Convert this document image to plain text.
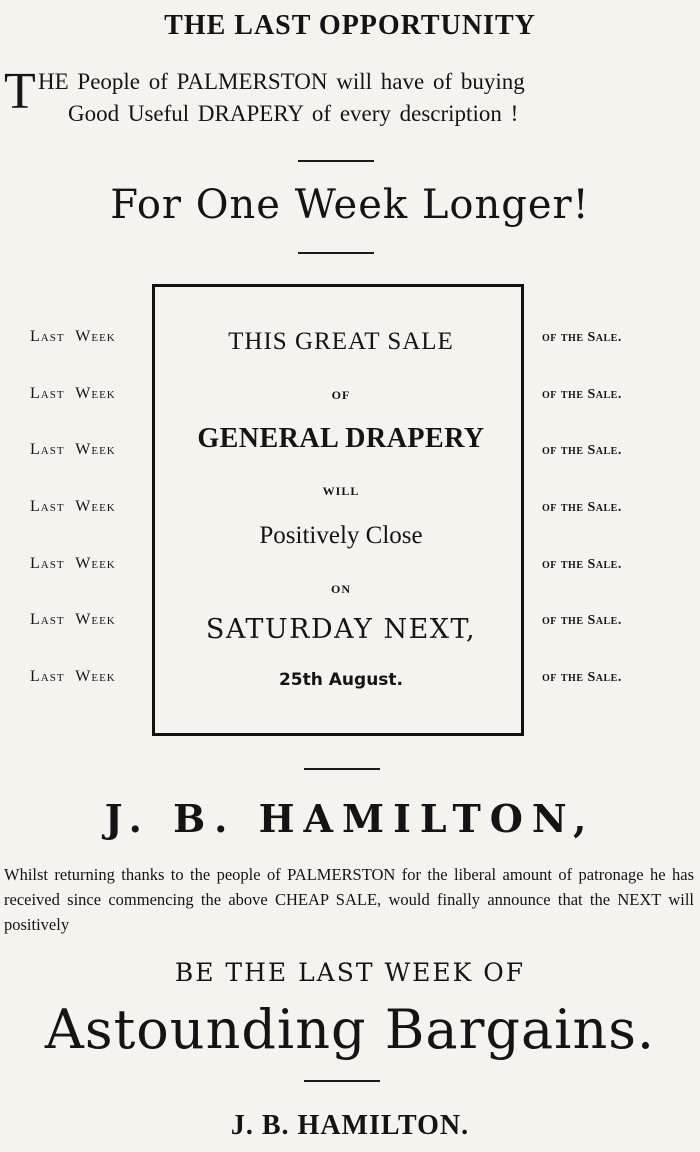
THE LAST OPPORTUNITY
T HE People of PALMERSTON will have of buying
Good Useful DRAPERY of every description !
For One Week Longer!
THIS GREAT SALE
OF
GENERAL DRAPERY
WILL
Positively Close
ON
SATURDAY NEXT,
25th August.
Last Week
Last Week
Last Week
Last Week
Last Week
Last Week
Last Week
of the Sale.
of the Sale.
of the Sale.
of the Sale.
of the Sale.
of the Sale.
of the Sale.
J. B. HAMILTON,
Whilst returning thanks to the people of PALMERSTON for the liberal amount of patronage he has received since commencing the above CHEAP SALE, would finally announce that the NEXT will positively
BE THE LAST WEEK OF
Astounding Bargains.
J. B. HAMILTON.
